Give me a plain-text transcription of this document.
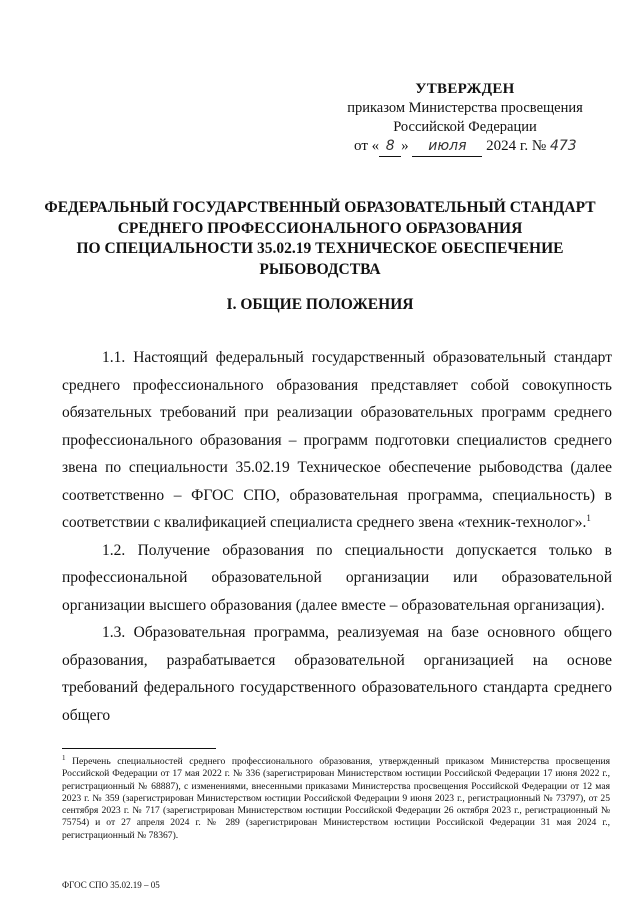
УТВЕРЖДЕН
приказом Министерства просвещения
Российской Федерации
от « 8 » июля 2024 г. № 473
ФЕДЕРАЛЬНЫЙ ГОСУДАРСТВЕННЫЙ ОБРАЗОВАТЕЛЬНЫЙ СТАНДАРТ
СРЕДНЕГО ПРОФЕССИОНАЛЬНОГО ОБРАЗОВАНИЯ
ПО СПЕЦИАЛЬНОСТИ 35.02.19 ТЕХНИЧЕСКОЕ ОБЕСПЕЧЕНИЕ
РЫБОВОДСТВА
I. ОБЩИЕ ПОЛОЖЕНИЯ

1.1. Настоящий федеральный государственный образовательный стандарт среднего профессионального образования представляет собой совокупность обязательных требований при реализации образовательных программ среднего профессионального образования – программ подготовки специалистов среднего звена по специальности 35.02.19 Техническое обеспечение рыбоводства (далее соответственно – ФГОС СПО, образовательная программа, специальность) в соответствии с квалификацией специалиста среднего звена «техник-технолог».$^1$

1.2. Получение образования по специальности допускается только в профессиональной образовательной организации или образовательной организации высшего образования (далее вместе – образовательная организация).

1.3. Образовательная программа, реализуемая на базе основного общего образования, разрабатывается образовательной организацией на основе требований федерального государственного образовательного стандарта среднего общего

$^1$ Перечень специальностей среднего профессионального образования, утвержденный приказом Министерства просвещения Российской Федерации от 17 мая 2022 г. № 336 (зарегистрирован Министерством юстиции Российской Федерации 17 июня 2022 г., регистрационный № 68887), с изменениями, внесенными приказами Министерства просвещения Российской Федерации от 12 мая 2023 г. № 359 (зарегистрирован Министерством юстиции Российской Федерации 9 июня 2023 г., регистрационный № 73797), от 25 сентября 2023 г. № 717 (зарегистрирован Министерством юстиции Российской Федерации 26 октября 2023 г., регистрационный № 75754) и от 27 апреля 2024 г. № 289 (зарегистрирован Министерством юстиции Российской Федерации 31 мая 2024 г., регистрационный № 78367).
ФГОС СПО 35.02.19 – 05
